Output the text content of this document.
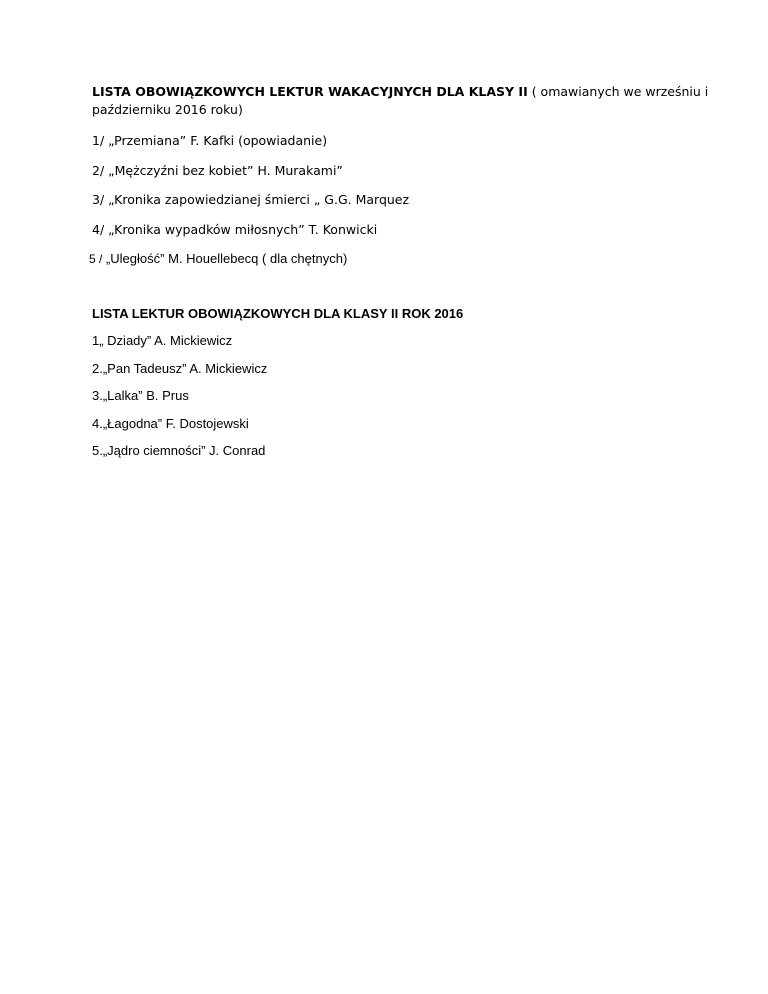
LISTA OBOWIĄZKOWYCH LEKTUR WAKACYJNYCH DLA KLASY II ( omawianych we wrześniu i
październiku 2016 roku)
1/ „Przemiana” F. Kafki (opowiadanie)
2/ „Mężczyźni bez kobiet” H. Murakami”
3/ „Kronika zapowiedzianej śmierci „ G.G. Marquez
4/ „Kronika wypadków miłosnych” T. Konwicki
5 / „Uległość” M. Houellebecq ( dla chętnych)
LISTA LEKTUR OBOWIĄZKOWYCH DLA KLASY II ROK 2016
1„ Dziady” A. Mickiewicz
2.„Pan Tadeusz” A. Mickiewicz
3.„Lalka” B. Prus
4.„Łagodna” F. Dostojewski
5.„Jądro ciemności” J. Conrad
